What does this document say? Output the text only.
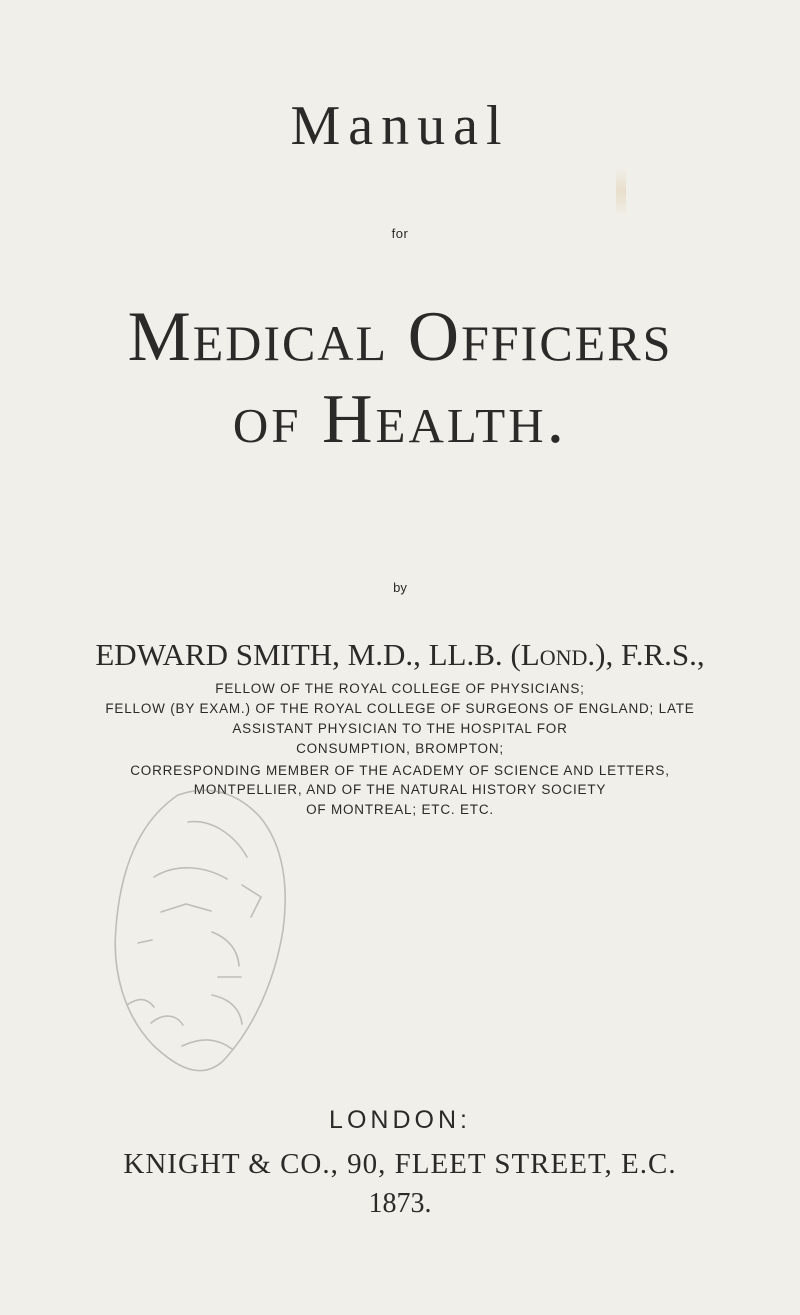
Manual
for
Medical Officers
of Health.
by
EDWARD SMITH, M.D., LL.B. (Lond.), F.R.S.,
FELLOW OF THE ROYAL COLLEGE OF PHYSICIANS;
FELLOW (BY EXAM.) OF THE ROYAL COLLEGE OF SURGEONS OF ENGLAND; LATE
ASSISTANT PHYSICIAN TO THE HOSPITAL FOR
CONSUMPTION, BROMPTON;
CORRESPONDING MEMBER OF THE ACADEMY OF SCIENCE AND LETTERS,
MONTPELLIER, AND OF THE NATURAL HISTORY SOCIETY
OF MONTREAL; ETC. ETC.
LONDON:
KNIGHT & CO., 90, FLEET STREET, E.C.
1873.
